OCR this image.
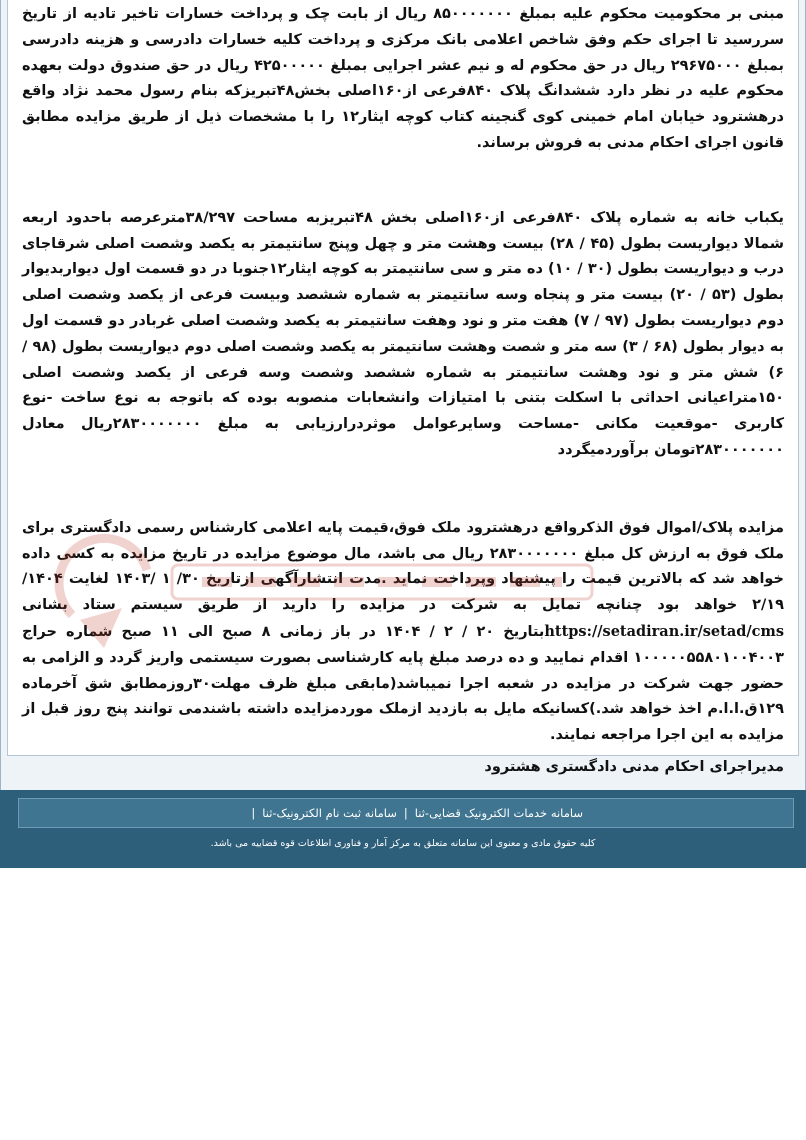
مبنی بر محکومیت محکوم علیه بمبلغ ۸۵۰۰۰۰۰۰۰ ریال از بابت چک و پرداخت خسارات تاخیر تادیه از تاریخ سررسید تا اجرای حکم وفق شاخص اعلامی بانک مرکزی و پرداخت کلیه خسارات دادرسی و هزینه دادرسی بمبلغ ۲۹۶۷۵۰۰۰ ریال در حق محکوم له و نیم عشر اجرایی بمبلغ ۴۲۵۰۰۰۰۰ ریال در حق صندوق دولت بعهده محکوم علیه در نظر دارد ششدانگ پلاک ۸۴۰فرعی از۱۶۰اصلی بخش۴۸تبریزکه بنام رسول محمد نژاد واقع درهشترود خیابان امام خمینی کوی گنجینه کتاب کوچه ایثار۱۲ را با مشخصات ذیل از طریق مزایده مطابق قانون اجرای احکام مدنی به فروش برساند.

یکباب خانه به شماره پلاک ۸۴۰فرعی از۱۶۰اصلی بخش ۴۸تبریزبه مساحت ۳۸/۲۹۷مترعرصه باحدود اربعه شمالا دیواریست بطول (۴۵ / ۲۸) بیست وهشت متر و چهل وپنج سانتیمتر به یکصد وشصت اصلی شرقاجای درب و دیواریست بطول (۳۰ / ۱۰) ده متر و سی سانتیمتر به کوچه ایثار۱۲جنوبا در دو قسمت اول دیواربدیوار بطول (۵۳ / ۲۰) بیست متر و پنجاه وسه سانتیمتر به شماره ششصد وبیست فرعی از یکصد وشصت اصلی دوم دیواریست بطول (۹۷ / ۷) هفت متر و نود وهفت سانتیمتر به یکصد وشصت اصلی غربادر دو قسمت اول به دیوار بطول (۶۸ / ۳) سه متر و شصت وهشت سانتیمتر به یکصد وشصت اصلی دوم دیواریست بطول (۹۸ / ۶) شش متر و نود وهشت سانتیمتر به شماره ششصد وشصت وسه فرعی از یکصد وشصت اصلی ۱۵۰متراعیانی احداثی با اسکلت بتنی با امتیازات وانشعابات منصوبه بوده که باتوجه به نوع ساخت -نوع کاربری -موقعیت مکانی -مساحت وسایرعوامل موثردرارزیابی به مبلغ ۲۸۳۰۰۰۰۰۰۰ریال معادل ۲۸۳۰۰۰۰۰۰۰تومان برآوردمیگردد

مزایده پلاک/اموال فوق الذکرواقع درهشترود ملک فوق،قیمت پایه اعلامی کارشناس رسمی دادگستری برای ملک فوق به ارزش کل مبلغ ۲۸۳۰۰۰۰۰۰۰ ریال می باشد، مال موضوع مزایده در تاریخ مزایده به کسی داده خواهد شد که بالاترین قیمت را پیشنهاد وپرداخت نماید .مدت انتشارآگهی ازتاریخ ۳۰/ ۱ /۱۴۰۳ لغایت ۱۴۰۴/ ۲/۱۹ خواهد بود چنانچه تمایل به شرکت در مزایده را دارید از طریق سیستم ستاد بشانی https://setadiran.ir/setad/cmsبتاریخ ۲۰ / ۲ / ۱۴۰۴ در باز زمانی ۸ صبح الی ۱۱ صبح شماره حراج ۱۰۰۰۰۰۵۵۸۰۱۰۰۴۰۰۳ اقدام نمایید و ده درصد مبلغ پایه کارشناسی بصورت سیستمی واریز گردد و الزامی به حضور جهت شرکت در مزایده در شعبه اجرا نمیباشد(مابقی مبلغ ظرف مهلت۳۰روزمطابق شق آخرماده ۱۲۹ق.ا.ا.م اخذ خواهد شد.)کسانیکه مایل به بازدید ازملک موردمزایده داشته باشندمی توانند پنج روز قبل از مزایده به این اجرا مراجعه نمایند.

مدیراجرای احکام مدنی دادگستری هشترود

سامانه خدمات الکترونیک قضایی-ثنا
|
سامانه ثبت نام الکترونیک-ثنا
|
کلیه حقوق مادی و معنوی این سامانه متعلق به مرکز آمار و فناوری اطلاعات قوه قضاییه می باشد.
